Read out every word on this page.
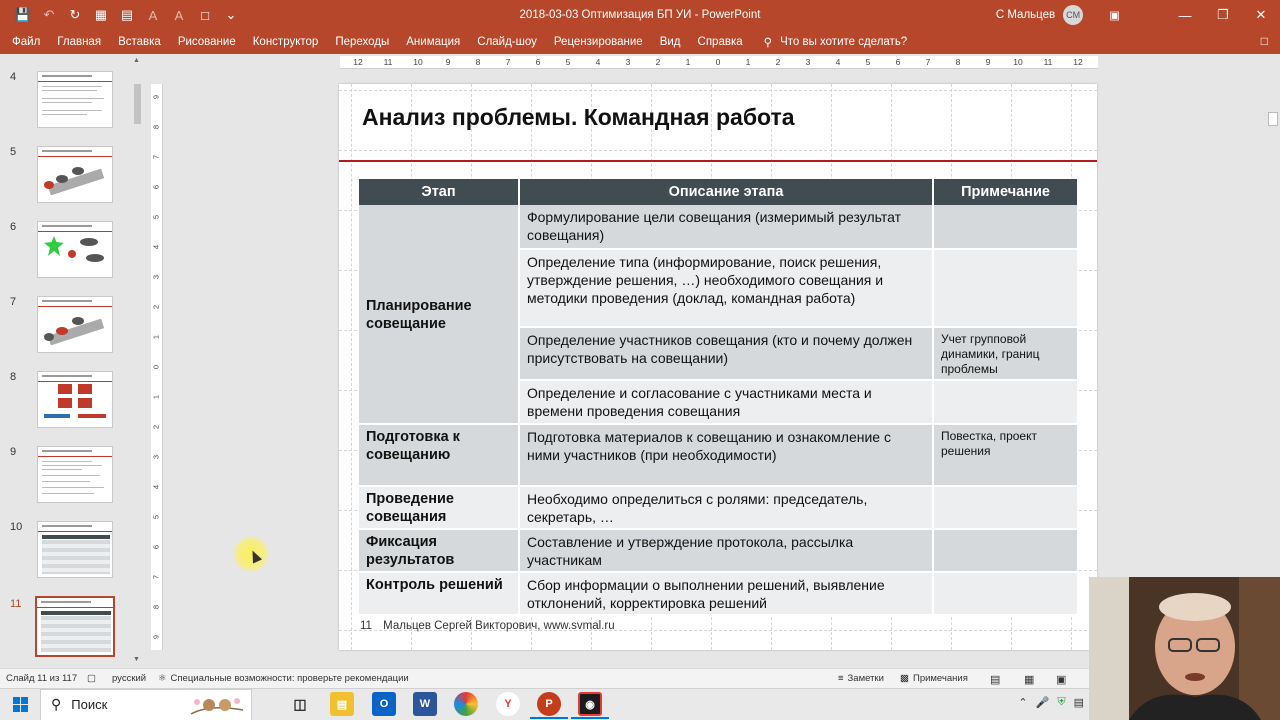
💾 ↶	↻	▦	▤	A	A	□	⌄	2018-03-03 Оптимизация БП УИ - PowerPoint	С Мальцев	СМ	▣	—	❐	✕
Файл Главная Вставка Рисование Конструктор Переходы Анимация Слайд-шоу Рецензирование Вид Справка ⚲ Что вы хотите сделать?	□
4
5
6
7
8
9
10
11
▲
▼
12 11 10	9	8	7	6	5	4	3	2	1	0	1	2	3	4	5	6	7	8	9	10 11 12
9
8
7
6
5
4
3
2
1
0
1
2
3
4
5
6
7
8
9
Анализ проблемы. Командная работа
Этап	Описание этапа	Примечание
Планирование совещание	Формулирование цели совещания (измеримый результат совещания)	
	Определение типа (информирование, поиск решения, утверждение решения, …) необходимого совещания и методики проведения (доклад, командная работа)	
	Определение участников совещания (кто и почему должен присутствовать на совещании)	Учет групповой динамики, границ проблемы
	Определение и согласование с участниками места и времени проведения совещания	
Подготовка к совещанию	Подготовка материалов к совещанию и ознакомление с ними участников (при необходимости)	Повестка, проект решения
Проведение совещания	Необходимо определиться с ролями: председатель, секретарь, …	
Фиксация результатов	Составление и утверждение протокола, рассылка участникам	
Контроль решений	Сбор информации о выполнении решений, выявление отклонений, корректировка решений	
11 Мальцев Сергей Викторович, www.svmal.ru
Слайд 11 из 117 ▢ русский ⚛ Специальные возможности: проверьте рекомендации	≡ Заметки ▩ Примечания ▤ ▦ ▣
⚲ Поиск	◫	▤	O	W	Y	P	◉	⌃ 🎤 ⛨ ▤
